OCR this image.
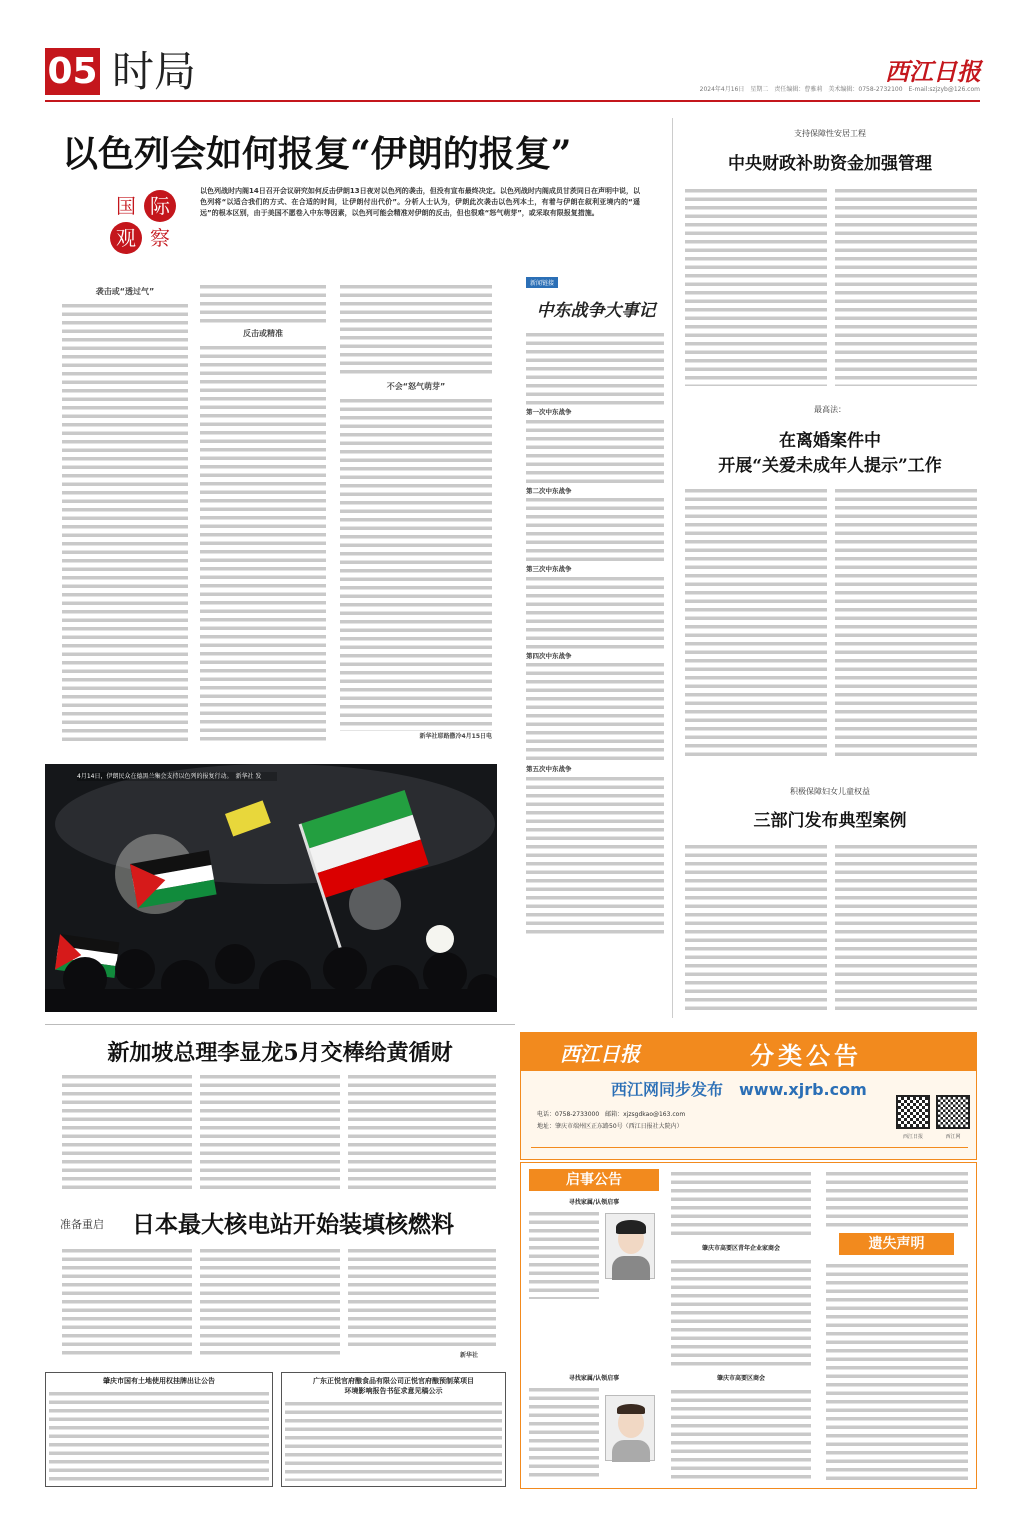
05 时局	2024年4月16日　星期二　责任编辑：曹雅莉　美术编辑：0758-2732100　E-mail:szjzyb@126.com
西江日报
以色列会如何报复“伊朗的报复”
国 际
观 察
以色列战时内阁14日召开会议研究如何反击伊朗13日夜对以色列的袭击，但没有宣布最终决定。以色列战时内阁成员甘茨同日在声明中说，以色列将“以适合我们的方式、在合适的时间，让伊朗付出代价”。分析人士认为，伊朗此次袭击以色列本土，有着与伊朗在叙利亚境内的“遥远”的根本区别，由于美国不愿卷入中东等因素，以色列可能会精准对伊朗的反击，但也很难“怒气萌芽”，或采取有限报复措施。
袭击或“透过气”
反击或精准
不会“怒气萌芽”
新华社耶路撒冷4月15日电
4月14日，伊朗民众在德黑兰集会支持以色列的报复行动。　新华社 发
新闻链接
中东战争大事记
第一次中东战争
第二次中东战争
第三次中东战争
第四次中东战争
第五次中东战争
支持保障性安居工程
中央财政补助资金加强管理
最高法：
在离婚案件中
开展“关爱未成年人提示”工作
积极保障妇女儿童权益
三部门发布典型案例
新加坡总理李显龙5月交棒给黄循财
准备重启 日本最大核电站开始装填核燃料
新华社
肇庆市国有土地使用权挂牌出让公告	广东正悦官府酿食品有限公司正悦官府酿预制菜项目
环境影响报告书征求意见稿公示
西江日报	分类公告
西江网同步发布　www.xjrb.com
电话：0758-2733000　邮箱：xjzsgdkao@163.com
地址：肇庆市端州区正东路50号（西江日报社大院内）
西江日报	西江网
启事公告
寻找家属/认领启事
寻找家属/认领启事
肇庆市高要区青年企业家商会
肇庆市高要区商会
遗失声明
